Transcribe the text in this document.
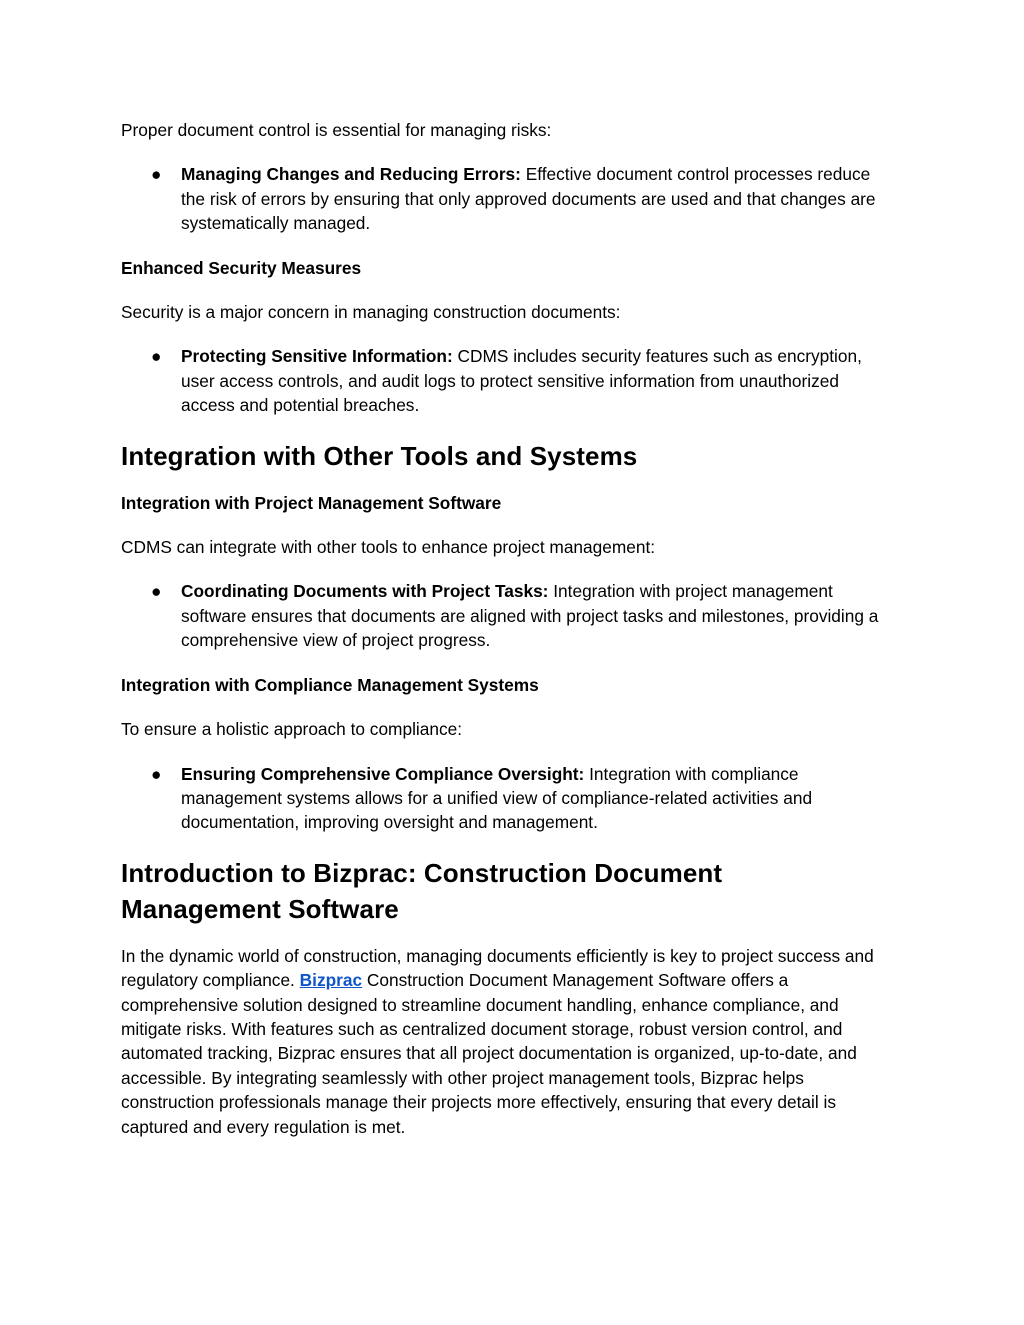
Proper document control is essential for managing risks:

● Managing Changes and Reducing Errors: Effective document control processes reduce the risk of errors by ensuring that only approved documents are used and that changes are systematically managed.

Enhanced Security Measures

Security is a major concern in managing construction documents:

● Protecting Sensitive Information: CDMS includes security features such as encryption, user access controls, and audit logs to protect sensitive information from unauthorized access and potential breaches.
Integration with Other Tools and Systems

Integration with Project Management Software

CDMS can integrate with other tools to enhance project management:

● Coordinating Documents with Project Tasks: Integration with project management software ensures that documents are aligned with project tasks and milestones, providing a comprehensive view of project progress.

Integration with Compliance Management Systems

To ensure a holistic approach to compliance:

● Ensuring Comprehensive Compliance Oversight: Integration with compliance management systems allows for a unified view of compliance-related activities and documentation, improving oversight and management.
Introduction to Bizprac: Construction Document Management Software

In the dynamic world of construction, managing documents efficiently is key to project success and regulatory compliance. Bizprac Construction Document Management Software offers a comprehensive solution designed to streamline document handling, enhance compliance, and mitigate risks. With features such as centralized document storage, robust version control, and automated tracking, Bizprac ensures that all project documentation is organized, up-to-date, and accessible. By integrating seamlessly with other project management tools, Bizprac helps construction professionals manage their projects more effectively, ensuring that every detail is captured and every regulation is met.
